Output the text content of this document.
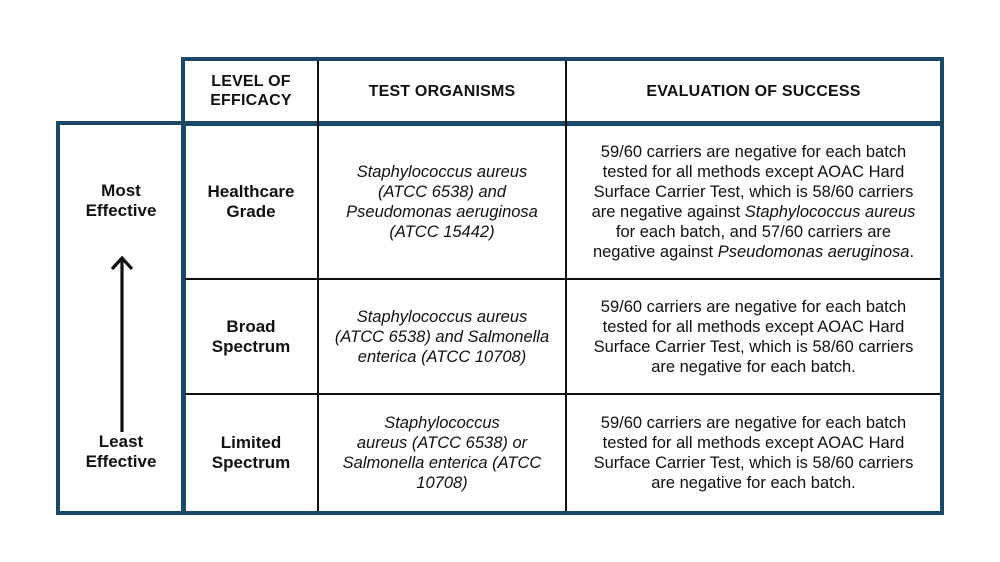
LEVEL OF
EFFICACY
TEST ORGANISMS	EVALUATION OF SUCCESS
Most
Effective
Least
Effective
Healthcare
Grade
Staphylococcus aureus
(ATCC 6538) and
Pseudomonas aeruginosa
(ATCC 15442)
59/60 carriers are negative for each batch
tested for all methods except AOAC Hard
Surface Carrier Test, which is 58/60 carriers
are negative against Staphylococcus aureus
for each batch, and 57/60 carriers are
negative against Pseudomonas aeruginosa.
Broad
Spectrum
Staphylococcus aureus
(ATCC 6538) and Salmonella
enterica (ATCC 10708)
59/60 carriers are negative for each batch
tested for all methods except AOAC Hard
Surface Carrier Test, which is 58/60 carriers
are negative for each batch.
Limited
Spectrum
Staphylococcus
aureus (ATCC 6538) or
Salmonella enterica (ATCC
10708)
59/60 carriers are negative for each batch
tested for all methods except AOAC Hard
Surface Carrier Test, which is 58/60 carriers
are negative for each batch.
